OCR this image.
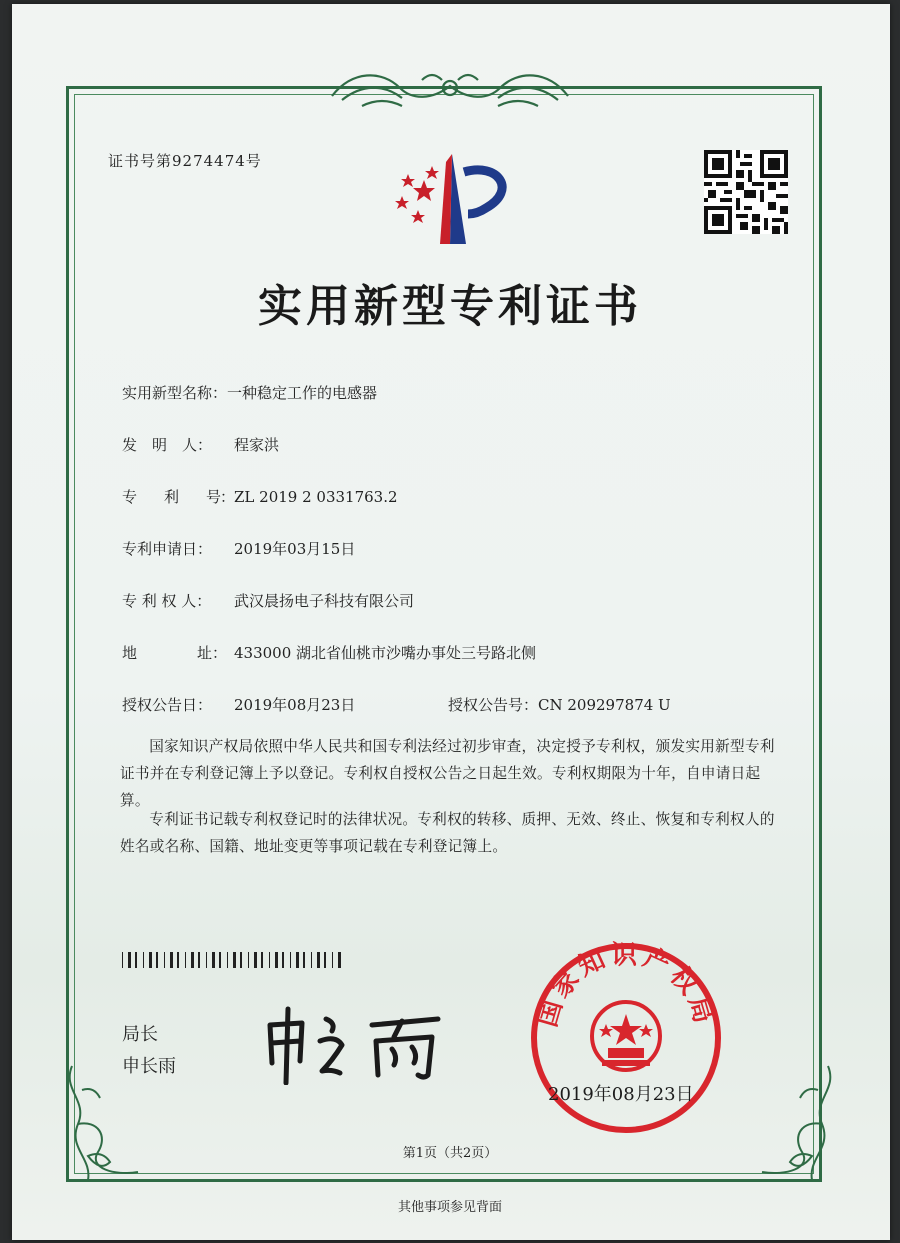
证书号第9274474号
实用新型专利证书
实用新型名称：一种稳定工作的电感器
发　明　人： 程家洪
专　　利　　号：ZL 2019 2 0331763.2
专利申请日： 2019年03月15日
专 利 权 人： 武汉晨扬电子科技有限公司
地　　　　址： 433000 湖北省仙桃市沙嘴办事处三号路北侧
授权公告日： 2019年08月23日	授权公告号：CN 209297874 U
国家知识产权局依照中华人民共和国专利法经过初步审查，决定授予专利权，颁发实用新型专利证书并在专利登记簿上予以登记。专利权自授权公告之日起生效。专利权期限为十年，自申请日起算。
专利证书记载专利权登记时的法律状况。专利权的转移、质押、无效、终止、恢复和专利权人的姓名或名称、国籍、地址变更等事项记载在专利登记簿上。
局长
申长雨
国家知识产权局
2019年08月23日
第1页（共2页）
其他事项参见背面
